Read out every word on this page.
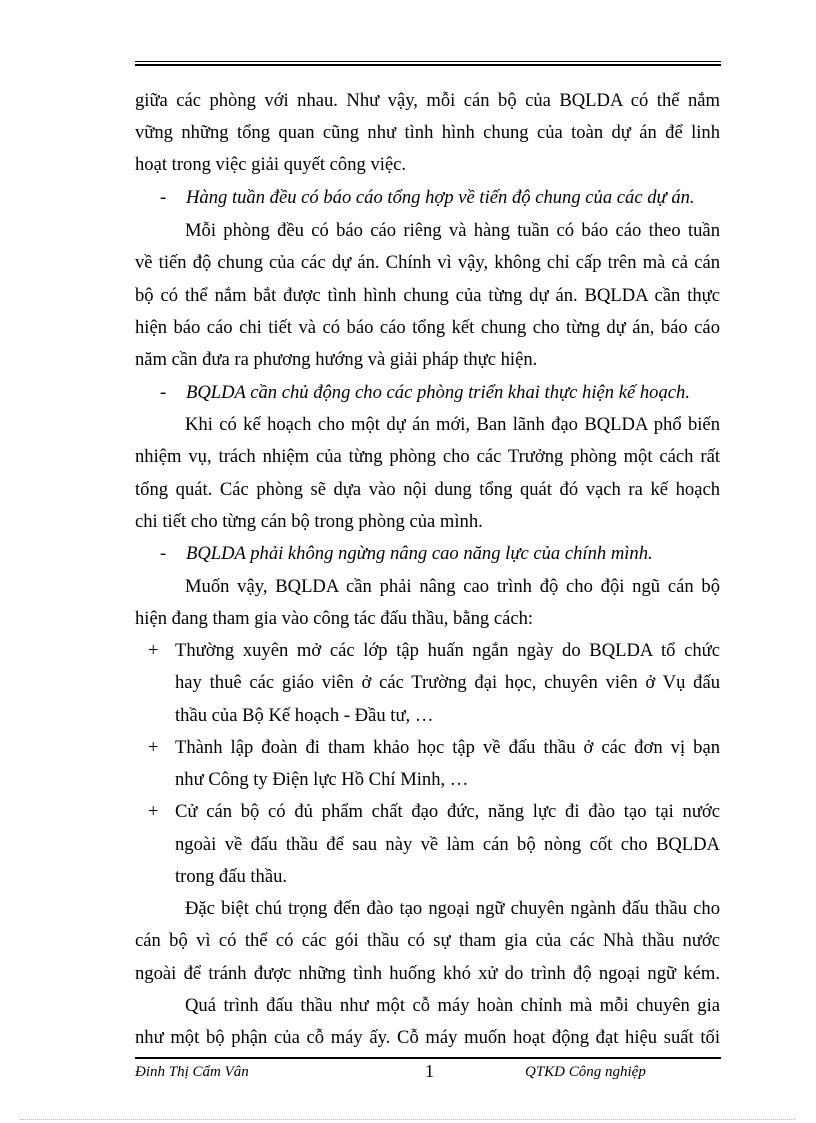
giữa các phòng với nhau. Như vậy, mỗi cán bộ của BQLDA có thể nắm
vững những tổng quan cũng như tình hình chung của toàn dự án để linh
hoạt trong việc giải quyết công việc.
- Hàng tuần đều có báo cáo tổng hợp về tiến độ chung của các dự án.
Mỗi phòng đều có báo cáo riêng và hàng tuần có báo cáo theo tuần
về tiến độ chung của các dự án. Chính vì vậy, không chỉ cấp trên mà cả cán
bộ có thể nắm bắt được tình hình chung của từng dự án. BQLDA cần thực
hiện báo cáo chi tiết và có báo cáo tổng kết chung cho từng dự án, báo cáo
năm cần đưa ra phương hướng và giải pháp thực hiện.
- BQLDA cần chủ động cho các phòng triển khai thực hiện kế hoạch.
Khi có kế hoạch cho một dự án mới, Ban lãnh đạo BQLDA phổ biến
nhiệm vụ, trách nhiệm của từng phòng cho các Trưởng phòng một cách rất
tổng quát. Các phòng sẽ dựa vào nội dung tổng quát đó vạch ra kế hoạch
chi tiết cho từng cán bộ trong phòng của mình.
- BQLDA phải không ngừng nâng cao năng lực của chính mình.
Muốn vậy, BQLDA cần phải nâng cao trình độ cho đội ngũ cán bộ
hiện đang tham gia vào công tác đấu thầu, bằng cách:
+ Thường xuyên mở các lớp tập huấn ngắn ngày do BQLDA tổ chức
hay thuê các giáo viên ở các Trường đại học, chuyên viên ở Vụ đấu
thầu của Bộ Kế hoạch - Đầu tư, …
+ Thành lập đoàn đi tham khảo học tập về đấu thầu ở các đơn vị bạn
như Công ty Điện lực Hồ Chí Minh, …
+ Cử cán bộ có đủ phẩm chất đạo đức, năng lực đi đào tạo tại nước
ngoài về đấu thầu để sau này về làm cán bộ nòng cốt cho BQLDA
trong đấu thầu.
Đặc biệt chú trọng đến đào tạo ngoại ngữ chuyên ngành đấu thầu cho
cán bộ vì có thể có các gói thầu có sự tham gia của các Nhà thầu nước
ngoài để tránh được những tình huống khó xử do trình độ ngoại ngữ kém.
Quá trình đấu thầu như một cỗ máy hoàn chỉnh mà mỗi chuyên gia
như một bộ phận của cỗ máy ấy. Cỗ máy muốn hoạt động đạt hiệu suất tối
Đinh Thị Cẩm Vân	1	QTKD Công nghiệp
